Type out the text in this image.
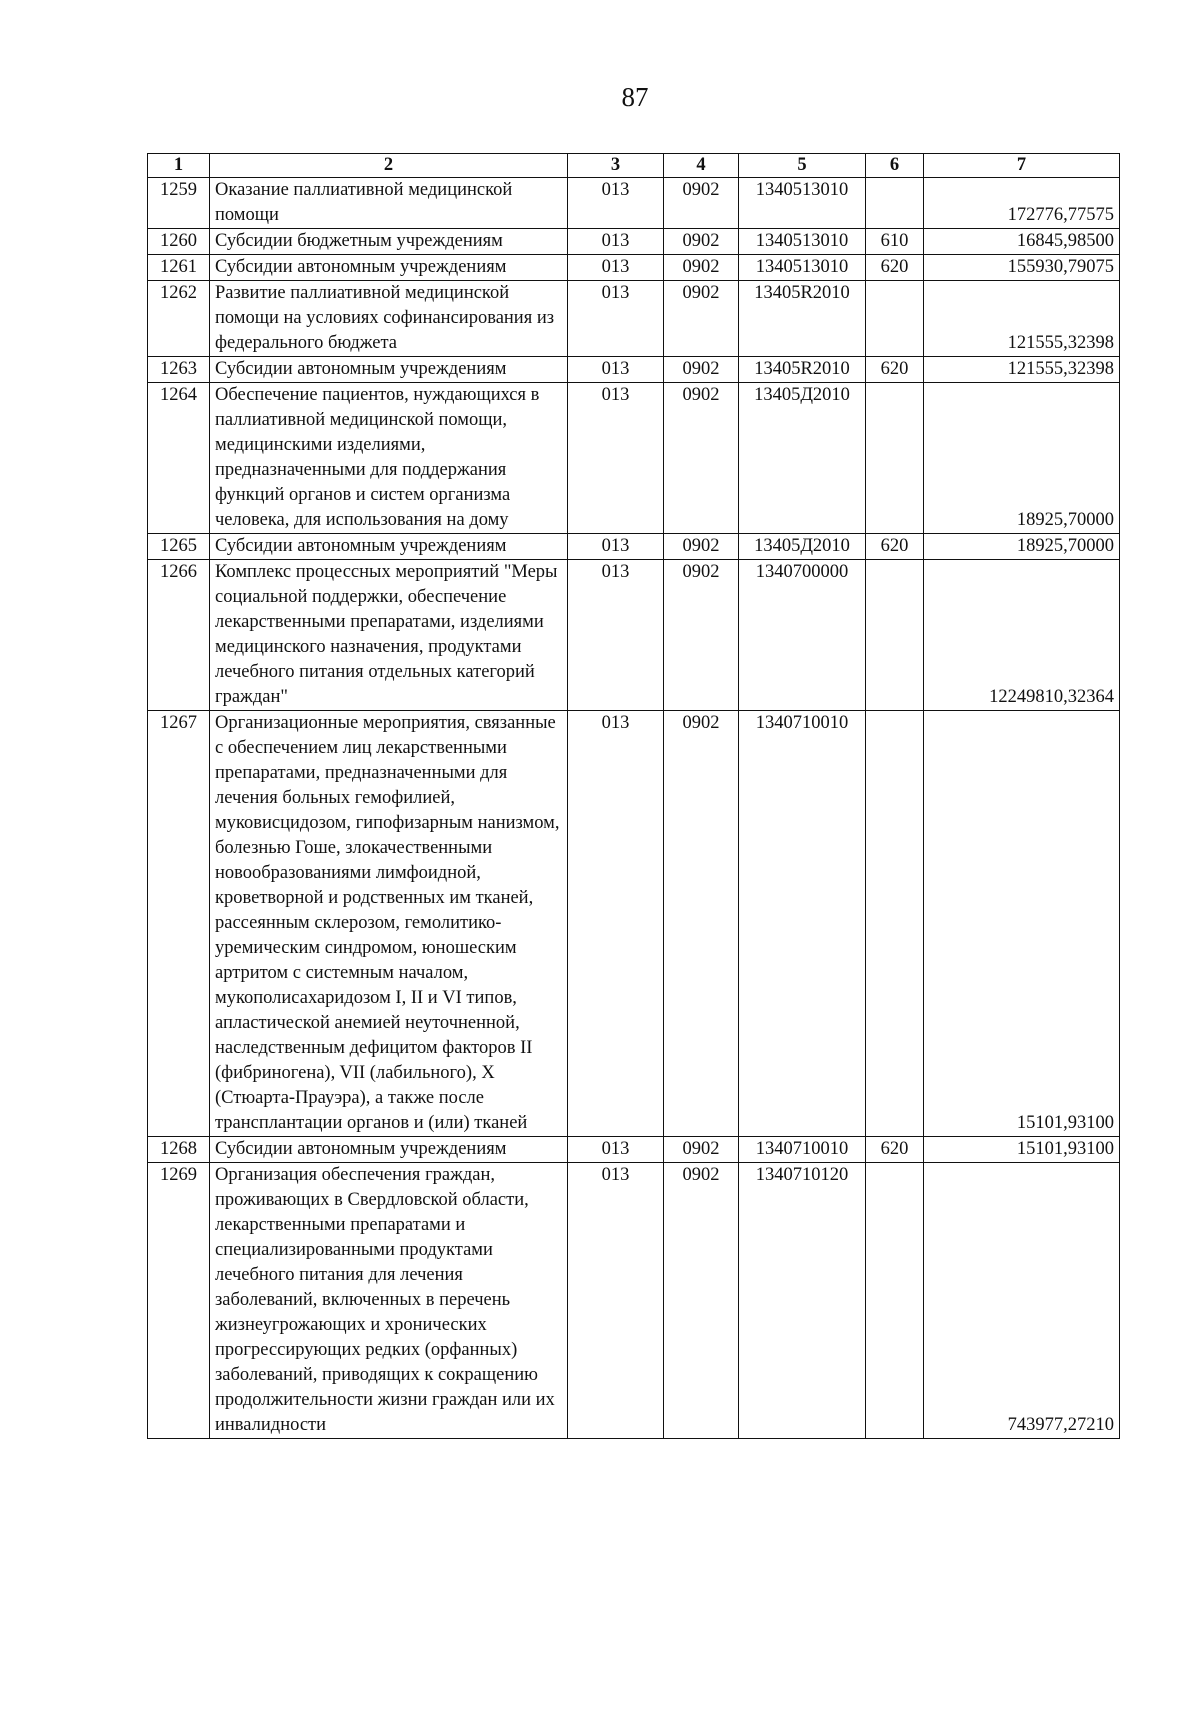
87
1	2	3	4	5	6	7
1259	Оказание паллиативной медицинской помощи	013	0902	1340513010		172776,77575
1260	Субсидии бюджетным учреждениям	013	0902	1340513010	610	16845,98500
1261	Субсидии автономным учреждениям	013	0902	1340513010	620	155930,79075
1262	Развитие паллиативной медицинской помощи на условиях софинансирования из федерального бюджета	013	0902	13405R2010		121555,32398
1263	Субсидии автономным учреждениям	013	0902	13405R2010	620	121555,32398
1264	Обеспечение пациентов, нуждающихся в паллиативной медицинской помощи, медицинскими изделиями, предназначенными для поддержания функций органов и систем организма человека, для использования на дому	013	0902	13405Д2010		18925,70000
1265	Субсидии автономным учреждениям	013	0902	13405Д2010	620	18925,70000
1266	Комплекс процессных мероприятий "Меры социальной поддержки, обеспечение лекарственными препаратами, изделиями медицинского назначения, продуктами лечебного питания отдельных категорий граждан"	013	0902	1340700000		12249810,32364
1267	Организационные мероприятия, связанные с обеспечением лиц лекарственными препаратами, предназначенными для лечения больных гемофилией, муковисцидозом, гипофизарным нанизмом, болезнью Гоше, злокачественными новообразованиями лимфоидной, кроветворной и родственных им тканей, рассеянным склерозом, гемолитико-уремическим синдромом, юношеским артритом с системным началом, мукополисахаридозом I, II и VI типов, апластической анемией неуточненной, наследственным дефицитом факторов II (фибриногена), VII (лабильного), X (Стюарта-Прауэра), а также после трансплантации органов и (или) тканей	013	0902	1340710010		15101,93100
1268	Субсидии автономным учреждениям	013	0902	1340710010	620	15101,93100
1269	Организация обеспечения граждан, проживающих в Свердловской области, лекарственными препаратами и специализированными продуктами лечебного питания для лечения заболеваний, включенных в перечень жизнеугрожающих и хронических прогрессирующих редких (орфанных) заболеваний, приводящих к сокращению продолжительности жизни граждан или их инвалидности	013	0902	1340710120		743977,27210
